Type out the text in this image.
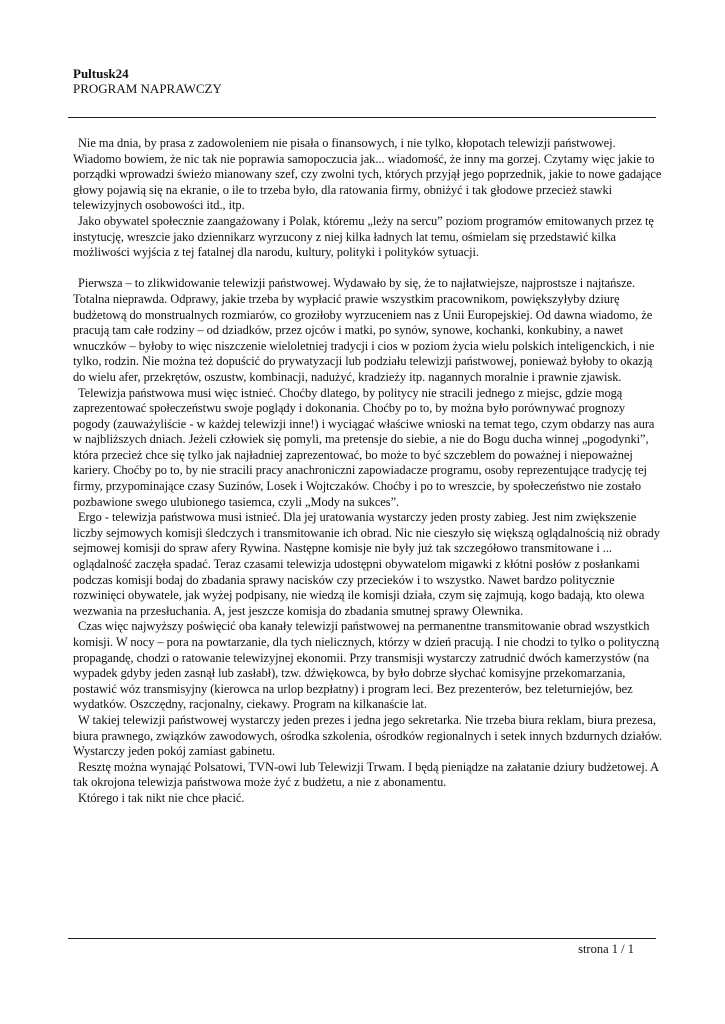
Pultusk24
PROGRAM NAPRAWCZY

Nie ma dnia, by prasa z zadowoleniem nie pisała o finansowych, i nie tylko, kłopotach telewizji państwowej. Wiadomo bowiem, że nic tak nie poprawia samopoczucia jak... wiadomość, że inny ma gorzej. Czytamy więc jakie to porządki wprowadzi świeżo mianowany szef, czy zwolni tych, których przyjął jego poprzednik, jakie to nowe gadające głowy pojawią się na ekranie, o ile to trzeba było, dla ratowania firmy, obniżyć i tak głodowe przecież stawki telewizyjnych osobowości itd., itp.

Jako obywatel społecznie zaangażowany i Polak, któremu „leży na sercu” poziom programów emitowanych przez tę instytucję, wreszcie jako dziennikarz wyrzucony z niej kilka ładnych lat temu, ośmielam się przedstawić kilka możliwości wyjścia z tej fatalnej dla narodu, kultury, polityki i polityków sytuacji.

Pierwsza – to zlikwidowanie telewizji państwowej. Wydawało by się, że to najłatwiejsze, najprostsze i najtańsze. Totalna nieprawda. Odprawy, jakie trzeba by wypłacić prawie wszystkim pracownikom, powiększyłyby dziurę budżetową do monstrualnych rozmiarów, co groziłoby wyrzuceniem nas z Unii Europejskiej. Od dawna wiadomo, że pracują tam całe rodziny – od dziadków, przez ojców i matki, po synów, synowe, kochanki, konkubiny, a nawet wnuczków – byłoby to więc niszczenie wieloletniej tradycji i cios w poziom życia wielu polskich inteligenckich, i nie tylko, rodzin. Nie można też dopuścić do prywatyzacji lub podziału telewizji państwowej, ponieważ byłoby to okazją do wielu afer, przekrętów, oszustw, kombinacji, nadużyć, kradzieży itp. nagannych moralnie i prawnie zjawisk.

Telewizja państwowa musi więc istnieć. Choćby dlatego, by politycy nie stracili jednego z miejsc, gdzie mogą zaprezentować społeczeństwu swoje poglądy i dokonania. Choćby po to, by można było porównywać prognozy pogody (zauważyliście - w każdej telewizji inne!) i wyciągać właściwe wnioski na temat tego, czym obdarzy nas aura w najbliższych dniach. Jeżeli człowiek się pomyli, ma pretensje do siebie, a nie do Bogu ducha winnej „pogodynki”, która przecież chce się tylko jak najładniej zaprezentować, bo może to być szczeblem do poważnej i niepoważnej kariery. Choćby po to, by nie stracili pracy anachroniczni zapowiadacze programu, osoby reprezentujące tradycję tej firmy, przypominające czasy Suzinów, Losek i Wojtczaków. Choćby i po to wreszcie, by społeczeństwo nie zostało pozbawione swego ulubionego tasiemca, czyli „Mody na sukces”.

Ergo - telewizja państwowa musi istnieć. Dla jej uratowania wystarczy jeden prosty zabieg. Jest nim zwiększenie liczby sejmowych komisji śledczych i transmitowanie ich obrad. Nic nie cieszyło się większą oglądalnością niż obrady sejmowej komisji do spraw afery Rywina. Następne komisje nie były już tak szczegółowo transmitowane i ... oglądalność zaczęła spadać. Teraz czasami telewizja udostępni obywatelom migawki z kłótni posłów z posłankami podczas komisji bodaj do zbadania sprawy nacisków czy przecieków i to wszystko. Nawet bardzo politycznie rozwinięci obywatele, jak wyżej podpisany, nie wiedzą ile komisji działa, czym się zajmują, kogo badają, kto olewa wezwania na przesłuchania. A, jest jeszcze komisja do zbadania smutnej sprawy Olewnika.

Czas więc najwyższy poświęcić oba kanały telewizji państwowej na permanentne transmitowanie obrad wszystkich komisji. W nocy – pora na powtarzanie, dla tych nielicznych, którzy w dzień pracują. I nie chodzi to tylko o polityczną propagandę, chodzi o ratowanie telewizyjnej ekonomii. Przy transmisji wystarczy zatrudnić dwóch kamerzystów (na wypadek gdyby jeden zasnął lub zasłabł), tzw. dźwiękowca, by było dobrze słychać komisyjne przekomarzania, postawić wóz transmisyjny (kierowca na urlop bezpłatny) i program leci. Bez prezenterów, bez teleturniejów, bez wydatków. Oszczędny, racjonalny, ciekawy. Program na kilkanaście lat.

W takiej telewizji państwowej wystarczy jeden prezes i jedna jego sekretarka. Nie trzeba biura reklam, biura prezesa, biura prawnego, związków zawodowych, ośrodka szkolenia, ośrodków regionalnych i setek innych bzdurnych działów. Wystarczy jeden pokój zamiast gabinetu.

Resztę można wynająć Polsatowi, TVN-owi lub Telewizji Trwam. I będą pieniądze na załatanie dziury budżetowej. A tak okrojona telewizja państwowa może żyć z budżetu, a nie z abonamentu.

Którego i tak nikt nie chce płacić.

strona 1 / 1
